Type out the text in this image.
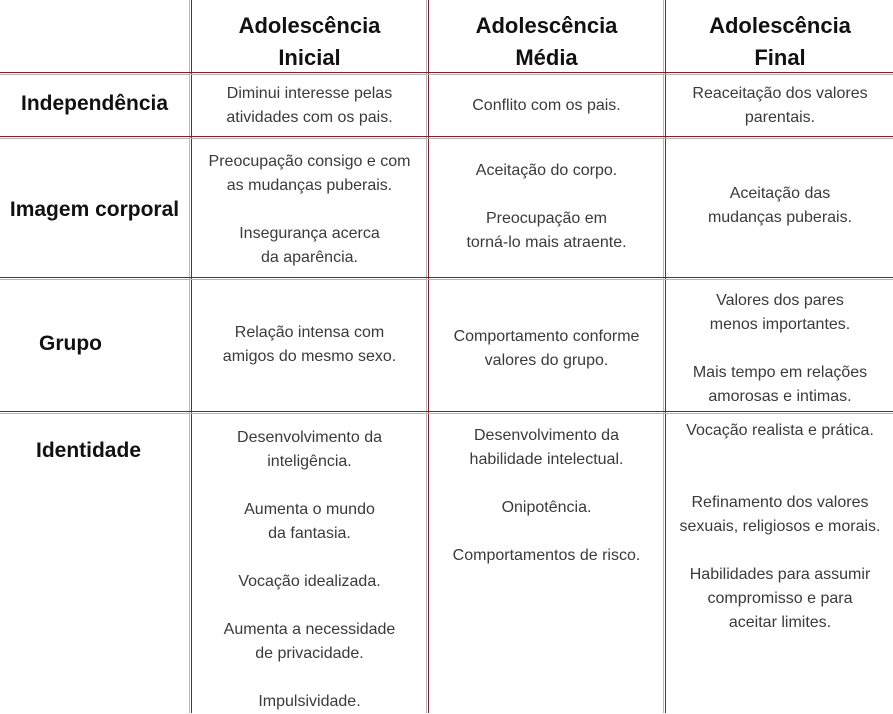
Adolescência
Inicial
Adolescência
Média
Adolescência
Final
Independência
Imagem corporal
Grupo
Identidade
Diminui interesse pelas
atividades com os pais.
Conflito com os pais.
Reaceitação dos valores
parentais.
Preocupação consigo e com
as mudanças puberais.
Insegurança acerca
da aparência.
Aceitação do corpo.
Preocupação em
torná-lo mais atraente.
Aceitação das
mudanças puberais.
Relação intensa com
amigos do mesmo sexo.
Comportamento conforme
valores do grupo.
Valores dos pares
menos importantes.
Mais tempo em relações
amorosas e intimas.
Desenvolvimento da
inteligência.
Aumenta o mundo
da fantasia.
Vocação idealizada.
Aumenta a necessidade
de privacidade.
Impulsividade.
Desenvolvimento da
habilidade intelectual.
Onipotência.
Comportamentos de risco.
Vocação realista e prática.
Refinamento dos valores
sexuais, religiosos e morais.
Habilidades para assumir
compromisso e para
aceitar limites.
